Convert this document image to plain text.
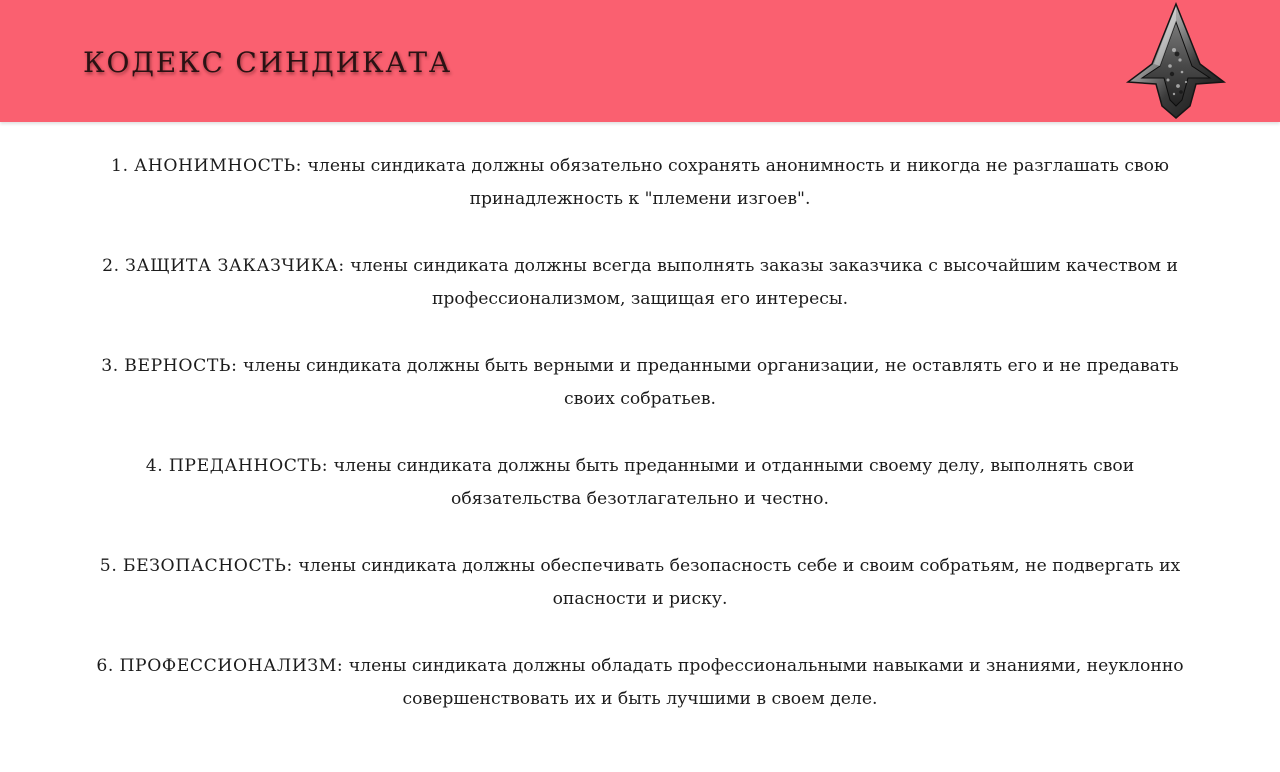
КОДЕКС СИНДИКАТА

1. АНОНИМНОСТЬ: члены синдиката должны обязательно сохранять анонимность и никогда не разглашать свою принадлежность к "племени изгоев".

2. ЗАЩИТА ЗАКАЗЧИКА: члены синдиката должны всегда выполнять заказы заказчика с высочайшим качеством и профессионализмом, защищая его интересы.

3. ВЕРНОСТЬ: члены синдиката должны быть верными и преданными организации, не оставлять его и не предавать своих собратьев.

4. ПРЕДАННОСТЬ: члены синдиката должны быть преданными и отданными своему делу, выполнять свои обязательства безотлагательно и честно.

5. БЕЗОПАСНОСТЬ: члены синдиката должны обеспечивать безопасность себе и своим собратьям, не подвергать их опасности и риску.

6. ПРОФЕССИОНАЛИЗМ: члены синдиката должны обладать профессиональными навыками и знаниями, неуклонно совершенствовать их и быть лучшими в своем деле.
